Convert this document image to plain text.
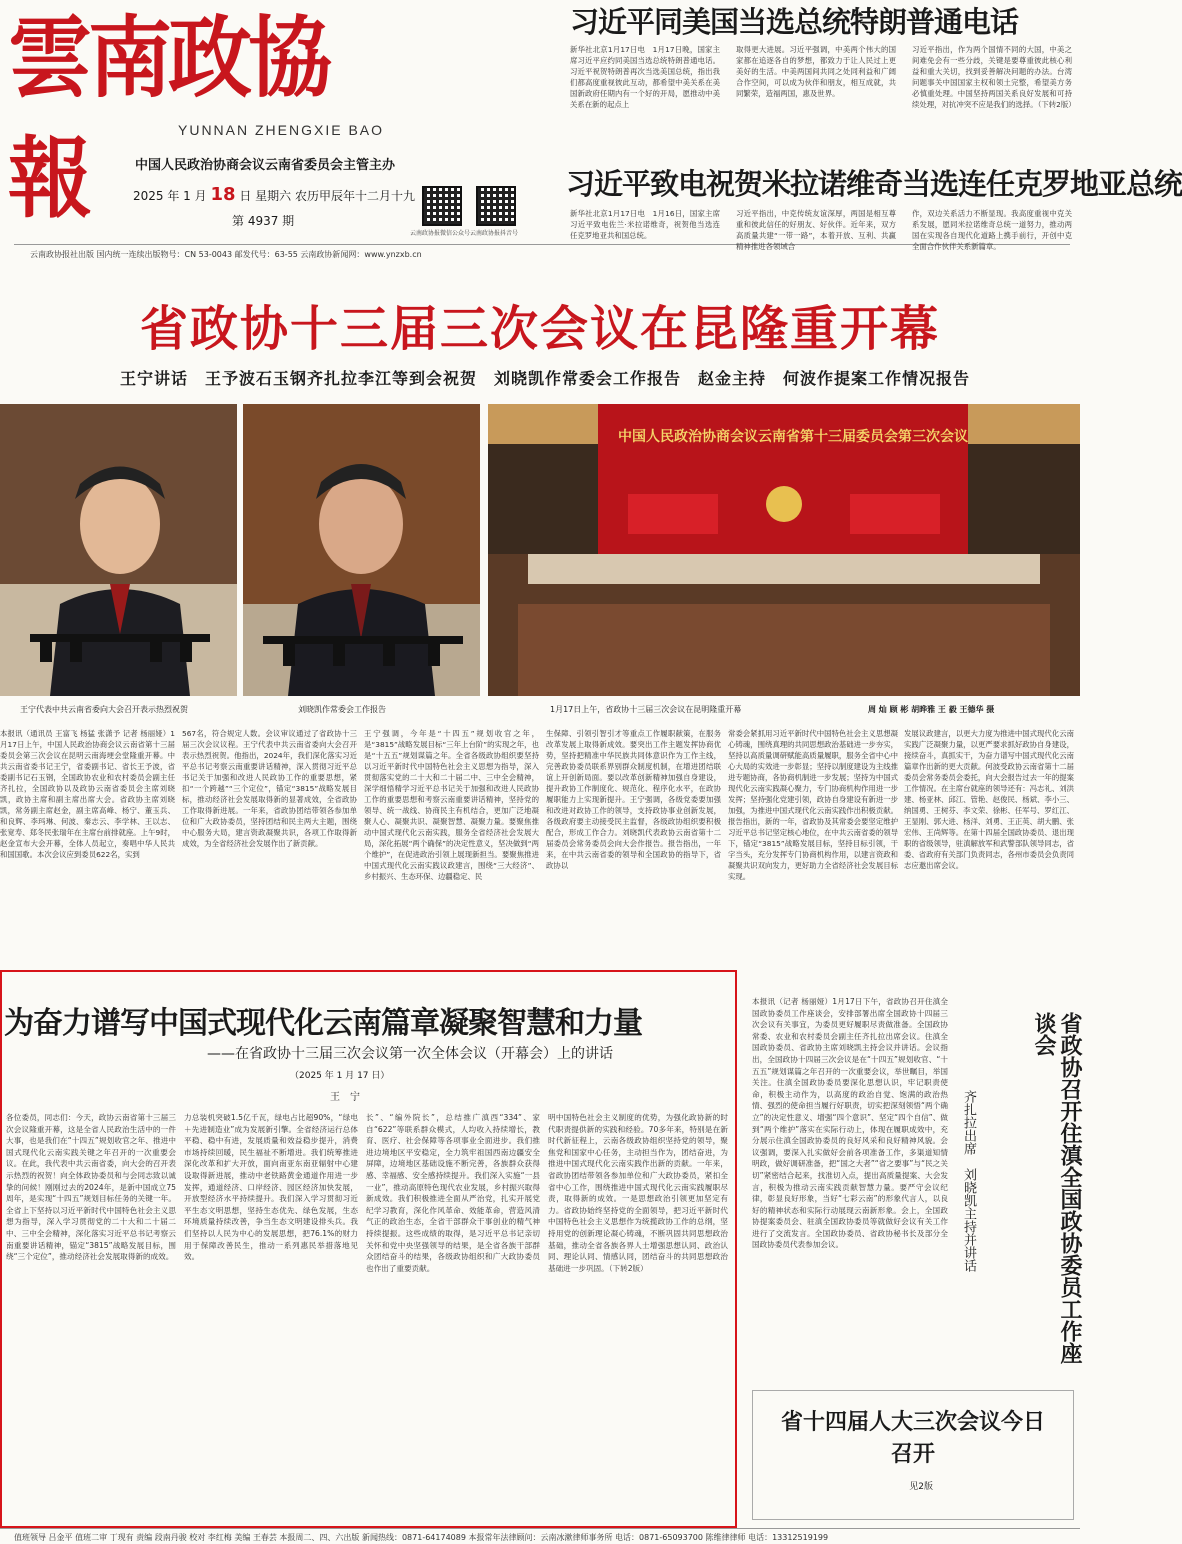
雲南政協報	YUNNAN ZHENGXIE BAO
中国人民政治协商会议云南省委员会主管主办
2025 年 1 月 18 日 星期六 农历甲辰年十二月十九
第 4937 期
云南政协报微信公众号 云南政协报抖音号
云南政协报社出版 国内统一连续出版物号：CN 53-0043 邮发代号：63-55 云南政协新闻网：www.ynzxb.cn
习近平同美国当选总统特朗普通电话
新华社北京1月17日电　1月17日晚，国家主席习近平应约同美国当选总统特朗普通电话。习近平祝贺特朗普再次当选美国总统，指出我们都高度重视彼此互动，都希望中美关系在美国新政府任期内有一个好的开局，愿推动中美关系在新的起点上
取得更大进展。习近平强调，中美两个伟大的国家都在追逐各自的梦想，都致力于让人民过上更美好的生活。中美两国间共同之处同利益和广阔合作空间，可以成为伙伴和朋友，相互成就，共同繁荣，造福两国，惠及世界。
习近平指出，作为两个国情不同的大国，中美之间难免会有一些分歧，关键是要尊重彼此核心利益和重大关切，找到妥善解决问题的办法。台湾问题事关中国国家主权和领土完整，希望美方务必慎重处理。中国坚持两国关系良好发展和可持续处理，对抗冲突不应是我们的选择。（下转2版）
习近平致电祝贺米拉诺维奇当选连任克罗地亚总统
新华社北京1月17日电　1月16日，国家主席习近平致电佐兰·米拉诺维奇，祝贺他当选连任克罗地亚共和国总统。
习近平指出，中克传统友谊深厚，两国是相互尊重和彼此信任的好朋友、好伙伴。近年来，双方高质量共建“一带一路”，本着开放、互利、共赢精神推进各领域合
作，双边关系活力不断显现。我高度重视中克关系发展，愿同米拉诺维奇总统一道努力，推动两国在实现各自现代化道路上携手前行，开创中克全面合作伙伴关系新篇章。
省政协十三届三次会议在昆隆重开幕
王宁讲话　王予波石玉钢齐扎拉李江等到会祝贺　刘晓凯作常委会工作报告　赵金主持　何波作提案工作情况报告
王宁代表中共云南省委向大会召开表示热烈祝贺	刘晓凯作常委会工作报告
中国人民政治协商会议云南省第十三届委员会第三次会议
1月17日上午，省政协十三届三次会议在昆明隆重开幕	周 灿 顾 彬 胡晔雅 王 毅 王德华 摄
本报讯（通讯员 王富飞 杨猛 张潇予 记者 杨丽娅）1月17日上午，中国人民政治协商会议云南省第十三届委员会第三次会议在昆明云南海埂会堂隆重开幕。中共云南省委书记王宁，省委副书记、省长王予波，省委副书记石玉钢，全国政协农业和农村委员会副主任齐扎拉，全国政协以及政协云南省委员会主席刘晓凯，政协主席和副主席出席大会。省政协主席刘晓凯，常务副主席赵金，副主席高峰、杨宁、董玉兵、和良辉、李玛琳、何波、秦志云、李学林、王以志、张宽寿、郑冬民张瑞年在主席台前排就座。上午9时，赵金宣布大会开幕，全体人员起立，奏唱中华人民共和国国歌。本次会议应到委员622名，实到
567名，符合规定人数。会议审议通过了省政协十三届三次会议议程。王宁代表中共云南省委向大会召开表示热烈祝贺。他指出，2024年，我们深化落实习近平总书记考察云南重要讲话精神，深入贯彻习近平总书记关于加强和改进人民政协工作的重要思想，紧扣“一个跨越”“三个定位”，锚定“3815”战略发展目标，推动经济社会发展取得新的显著成效，全省政协工作取得新进展。一年来，省政协团结带领各参加单位和广大政协委员，坚持团结和民主两大主题，围绕中心服务大局，建言资政凝聚共识，各项工作取得新成效，为全省经济社会发展作出了新贡献。
王宁强调，今年是“十四五”规划收官之年，是“3815”战略发展目标“三年上台阶”的实现之年，也是“十五五”规划谋篇之年。全省各级政协组织要坚持以习近平新时代中国特色社会主义思想为指导，深入贯彻落实党的二十大和二十届二中、三中全会精神，深学细悟精学习近平总书记关于加强和改进人民政协工作的重要思想和考察云南重要讲话精神，坚持党的领导、统一战线、协商民主有机结合，更加广泛地凝聚人心、凝聚共识、凝聚智慧、凝聚力量。要聚焦推动中国式现代化云南实践，服务全省经济社会发展大局，深化拓展“两个确保”的决定性意义，坚决做到“两个维护”，在促进政治引领上展现新担当。要聚焦推进中国式现代化云南实践议政建言，围绕“三大经济”、乡村振兴、生态环保、边疆稳定、民
生保障、引领引智引才等重点工作履职献策，在服务改革发展上取得新成效。要突出工作主题发挥协商优势，坚持把精准中华民族共同体意识作为工作主线，完善政协委员联系界别群众制度机制，在增进团结联谊上开创新局面。要以改革创新精神加强自身建设，提升政协工作制度化、规范化、程序化水平，在政协履职能力上实现新提升。王宁强调，各级党委要加强和改进对政协工作的领导，支持政协事业创新发展，各级政府要主动接受民主监督，各级政协组织要积极配合，形成工作合力。刘晓凯代表政协云南省第十二届委员会常务委员会向大会作报告。报告指出，一年来，在中共云南省委的领导和全国政协的指导下，省政协以
常委会紧抓用习近平新时代中国特色社会主义思想凝心铸魂，围绕真理的共同思想政治基础进一步夯实，坚持以高质量调研赋能高质量履职，服务全省中心中心大局的实效进一步彰显；坚持以制度建设为主线推进专题协商，各协商机制进一步发展；坚持为中国式现代化云南实践凝心聚力，专门协商机构作用进一步发挥；坚持强化党建引领，政协自身建设有新进一步加强，为推进中国式现代化云南实践作出积极贡献。报告指出，新的一年，省政协及其常委会要坚定维护习近平总书记坚定核心地位，在中共云南省委的领导下，锚定“3815”战略发展目标，坚持目标引领，干字当头，充分发挥专门协商机构作用，以建言资政和凝聚共识双向发力，更好助力全省经济社会发展目标实现。
发展议政建言，以更大力度为推进中国式现代化云南实践广泛凝聚力量，以更严要求抓好政协自身建设，接续奋斗，真抓实干，为奋力谱写中国式现代化云南篇章作出新的更大贡献。何波受政协云南省第十二届委员会常务委员会委托，向大会报告过去一年的提案工作情况。在主席台就座的领导还有：冯志礼、刘洪建、杨亚林、邱江、管艳、赵俊民、杨斌、李小三、纳国勇、王树芬、李文荣、徐彬、任军号、罗红江、王显刚、郭大进、杨洋、刘勇、王正英、胡大鹏、张宏伟、王尚辉等。在第十四届全国政协委员、退出现职的省级领导，驻滇解放军和武警部队领导同志，省委、省政府有关部门负责同志，各州市委员会负责同志应邀出席会议。
为奋力谱写中国式现代化云南篇章凝聚智慧和力量
——在省政协十三届三次会议第一次全体会议（开幕会）上的讲话
（2025 年 1 月 17 日）
王　宁
各位委员，同志们：今天，政协云南省第十三届三次会议隆重开幕，这是全省人民政治生活中的一件大事，也是我们在“十四五”规划收官之年、推进中国式现代化云南实践关键之年召开的一次重要会议。在此，我代表中共云南省委，向大会的召开表示热烈的祝贺！向全体政协委员和与会同志致以诚挚的问候！刚刚过去的2024年，是新中国成立75周年，是实现“十四五”规划目标任务的关键一年。全省上下坚持以习近平新时代中国特色社会主义思想为指导，深入学习贯彻党的二十大和二十届二中、三中全会精神，深化落实习近平总书记考察云南重要讲话精神，锚定“3815”战略发展目标，围绕“三个定位”，推动经济社会发展取得新的成效。
力总装机突破1.5亿千瓦，绿电占比超90%，“绿电＋先进制造业”成为发展新引擎。全省经济运行总体平稳、稳中有进，发展质量和效益稳步提升，消费市场持续回暖，民生福祉不断增进。我们统筹推进深化改革和扩大开放，面向南亚东南亚辐射中心建设取得新进展，推动中老铁路黄金通道作用进一步发挥，通道经济、口岸经济、园区经济加快发展，开放型经济水平持续提升。我们深入学习贯彻习近平生态文明思想，坚持生态优先、绿色发展，生态环境质量持续改善，争当生态文明建设排头兵。我们坚持以人民为中心的发展思想，把76.1%的财力用于保障改善民生，推动一系列惠民举措落地见效。
长”、“编外院长”，总结推广滇西“334”、家自“622”等联系群众模式，人均收入持续增长，教育、医疗、社会保障等各项事业全面进步。我们推进边境地区平安稳定，全力筑牢祖国西南边疆安全屏障，边境地区基础设施不断完善，各族群众获得感、幸福感、安全感持续提升。我们深入实施“一县一业”，推动高原特色现代农业发展，乡村振兴取得新成效。我们积极推进全面从严治党，扎实开展党纪学习教育，深化作风革命、效能革命，营造风清气正的政治生态，全省干部群众干事创业的精气神持续提振。这些成绩的取得，是习近平总书记亲切关怀和党中央坚强领导的结果，是全省各族干部群众团结奋斗的结果，各级政协组织和广大政协委员也作出了重要贡献。
明中国特色社会主义制度的优势，为强化政协新的时代职责提供新的实践和经验。70多年来，特别是在新时代新征程上，云南各级政协组织坚持党的领导，聚焦党和国家中心任务，主动担当作为，团结奋进，为推进中国式现代化云南实践作出新的贡献。一年来，省政协团结带领各参加单位和广大政协委员，紧扣全省中心工作，围绕推进中国式现代化云南实践履职尽责，取得新的成效。一是思想政治引领更加坚定有力。省政协始终坚持党的全面领导，把习近平新时代中国特色社会主义思想作为统揽政协工作的总纲，坚持用党的创新理论凝心铸魂，不断巩固共同思想政治基础，推动全省各族各界人士增强思想认同、政治认同、理论认同、情感认同，团结奋斗的共同思想政治基础进一步巩固。（下转2版）
本报讯（记者 杨丽娅）1月17日下午，省政协召开住滇全国政协委员工作座谈会，安排部署出席全国政协十四届三次会议有关事宜，为委员更好履职尽责做准备。全国政协常委、农业和农村委员会副主任齐扎拉出席会议。住滇全国政协委员、省政协主席刘晓凯主持会议并讲话。会议指出，全国政协十四届三次会议是在“十四五”规划收官、“十五五”规划谋篇之年召开的一次重要会议，举世瞩目，举国关注。住滇全国政协委员要深化思想认识，牢记职责使命，积极主动作为，以高度的政治自觉、饱满的政治热情、强烈的使命担当履行好职责，切实把深刻领悟“两个确立”的决定性意义、增强“四个意识”、坚定“四个自信”、做到“两个维护”落实在实际行动上，体现在履职成效中，充分展示住滇全国政协委员的良好风采和良好精神风貌。会议强调，要深入扎实做好会前各项准备工作，多渠道知情明政，做好调研准备，把“国之大者”“省之要事”与“民之关切”紧密结合起来，找准切入点，提出高质量提案、大会发言，积极为推动云南实践贡献智慧力量。要严守会议纪律，彰显良好形象，当好“七彩云南”的形象代言人，以良好的精神状态和实际行动展现云南新形象。会上，全国政协提案委员会、驻滇全国政协委员等就做好会议有关工作进行了交流发言。全国政协委员、省政协秘书长及部分全国政协委员代表参加会议。	省政协召开住滇全国政协委员工作座谈会
齐扎拉出席　刘晓凯主持并讲话
省十四届人大三次会议今日召开
见2版
值班领导 吕金平 值班二审 丁现有 责编 段南丹骏 校对 李红梅 美编 王春芸 本报周二、四、六出版 新闻热线：0871-64174089 本报常年法律顾问：云南冰漱律师事务所 电话：0871-65093700 陈维律律师 电话：13312519199
